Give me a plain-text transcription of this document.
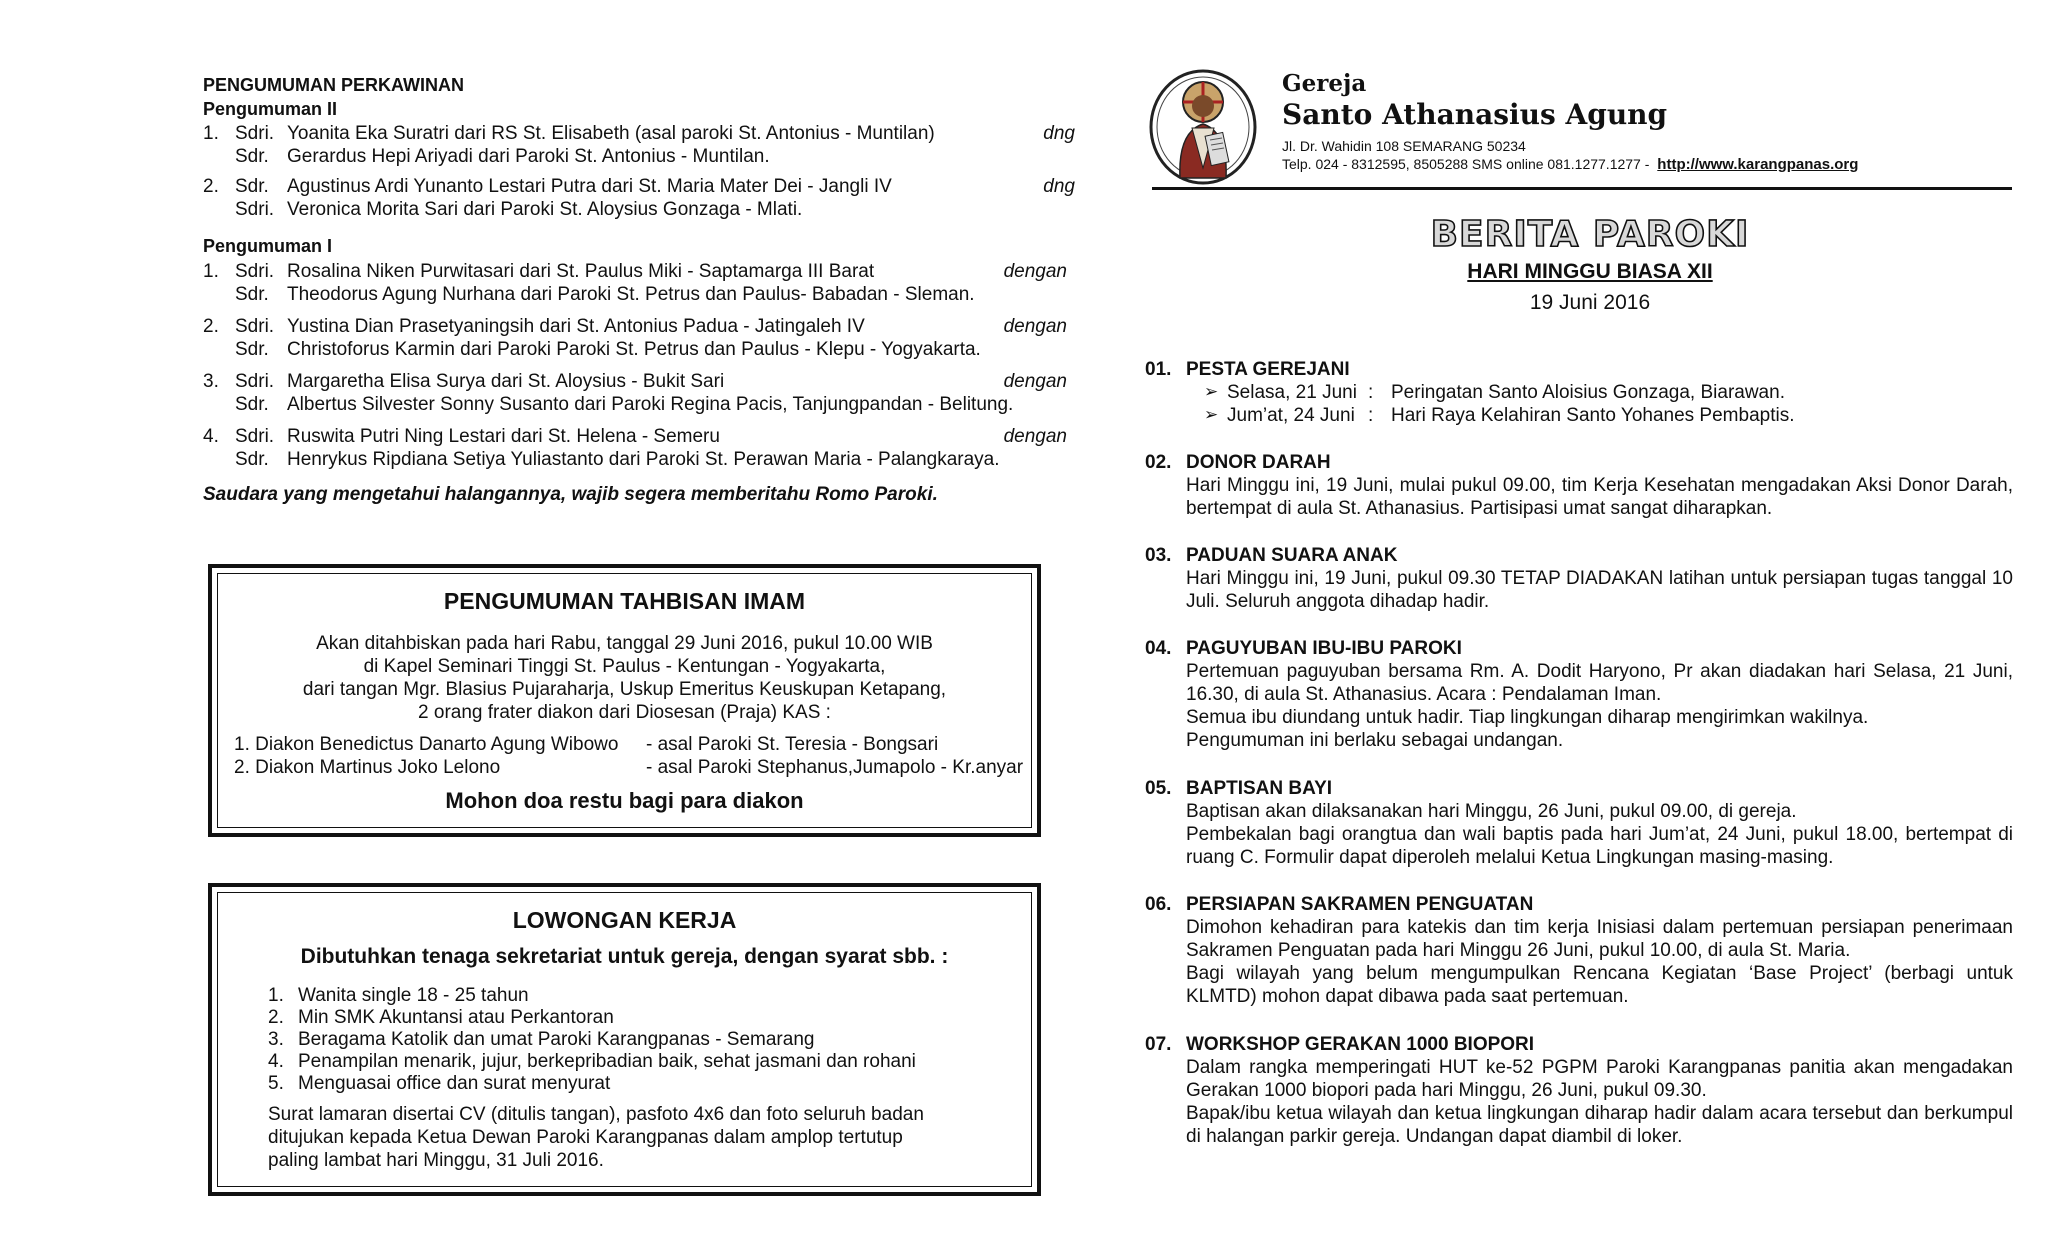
PENGUMUMAN PERKAWINAN
Pengumuman II
1. Sdri. Yoanita Eka Suratri dari RS St. Elisabeth (asal paroki St. Antonius - Muntilan)	dng
Sdr. Gerardus Hepi Ariyadi dari Paroki St. Antonius - Muntilan.
2. Sdr. Agustinus Ardi Yunanto Lestari Putra dari St. Maria Mater Dei - Jangli IV	dng
Sdri. Veronica Morita Sari dari Paroki St. Aloysius Gonzaga - Mlati.
Pengumuman I
1. Sdri. Rosalina Niken Purwitasari dari St. Paulus Miki - Saptamarga III Barat	dengan
Sdr. Theodorus Agung Nurhana dari Paroki St. Petrus dan Paulus- Babadan - Sleman.
2. Sdri. Yustina Dian Prasetyaningsih dari St. Antonius Padua - Jatingaleh IV	dengan
Sdr. Christoforus Karmin dari Paroki Paroki St. Petrus dan Paulus - Klepu - Yogyakarta.
3. Sdri. Margaretha Elisa Surya dari St. Aloysius - Bukit Sari	dengan
Sdr. Albertus Silvester Sonny Susanto dari Paroki Regina Pacis, Tanjungpandan - Belitung.
4. Sdri. Ruswita Putri Ning Lestari dari St. Helena - Semeru	dengan
Sdr. Henrykus Ripdiana Setiya Yuliastanto dari Paroki St. Perawan Maria - Palangkaraya.
Saudara yang mengetahui halangannya, wajib segera memberitahu Romo Paroki.
PENGUMUMAN TAHBISAN IMAM
Akan ditahbiskan pada hari Rabu, tanggal 29 Juni 2016, pukul 10.00 WIB
di Kapel Seminari Tinggi St. Paulus - Kentungan - Yogyakarta,
dari tangan Mgr. Blasius Pujaraharja, Uskup Emeritus Keuskupan Ketapang,
2 orang frater diakon dari Diosesan (Praja) KAS :
1. Diakon Benedictus Danarto Agung Wibowo - asal Paroki St. Teresia - Bongsari
2. Diakon Martinus Joko Lelono	- asal Paroki Stephanus,Jumapolo - Kr.anyar
Mohon doa restu bagi para diakon
LOWONGAN KERJA
Dibutuhkan tenaga sekretariat untuk gereja, dengan syarat sbb. :
1. Wanita single 18 - 25 tahun
2. Min SMK Akuntansi atau Perkantoran
3. Beragama Katolik dan umat Paroki Karangpanas - Semarang
4. Penampilan menarik, jujur, berkepribadian baik, sehat jasmani dan rohani
5. Menguasai office dan surat menyurat
Surat lamaran disertai CV (ditulis tangan), pasfoto 4x6 dan foto seluruh badan
ditujukan kepada Ketua Dewan Paroki Karangpanas dalam amplop tertutup
paling lambat hari Minggu, 31 Juli 2016.
Gereja
Santo Athanasius Agung
Jl. Dr. Wahidin 108 SEMARANG 50234
Telp. 024 - 8312595, 8505288 SMS online 081.1277.1277 - http://www.karangpanas.org
BERITA PAROKI
HARI MINGGU BIASA XII
19 Juni 2016
01. PESTA GEREJANI
➢ Selasa, 21 Juni : Peringatan Santo Aloisius Gonzaga, Biarawan.
➢ Jum’at, 24 Juni : Hari Raya Kelahiran Santo Yohanes Pembaptis.
02. DONOR DARAH

Hari Minggu ini, 19 Juni, mulai pukul 09.00, tim Kerja Kesehatan mengadakan Aksi Donor Darah, bertempat di aula St. Athanasius. Partisipasi umat sangat diharapkan.

03. PADUAN SUARA ANAK

Hari Minggu ini, 19 Juni, pukul 09.30 TETAP DIADAKAN latihan untuk persiapan tugas tanggal 10 Juli. Seluruh anggota dihadap hadir.

04. PAGUYUBAN IBU-IBU PAROKI

Pertemuan paguyuban bersama Rm. A. Dodit Haryono, Pr akan diadakan hari Selasa, 21 Juni, 16.30, di aula St. Athanasius. Acara : Pendalaman Iman.

Semua ibu diundang untuk hadir. Tiap lingkungan diharap mengirimkan wakilnya.

Pengumuman ini berlaku sebagai undangan.

05. BAPTISAN BAYI

Baptisan akan dilaksanakan hari Minggu, 26 Juni, pukul 09.00, di gereja.

Pembekalan bagi orangtua dan wali baptis pada hari Jum’at, 24 Juni, pukul 18.00, bertempat di ruang C. Formulir dapat diperoleh melalui Ketua Lingkungan masing-masing.

06. PERSIAPAN SAKRAMEN PENGUATAN

Dimohon kehadiran para katekis dan tim kerja Inisiasi dalam pertemuan persiapan penerimaan Sakramen Penguatan pada hari Minggu 26 Juni, pukul 10.00, di aula St. Maria.

Bagi wilayah yang belum mengumpulkan Rencana Kegiatan ‘Base Project’ (berbagi untuk KLMTD) mohon dapat dibawa pada saat pertemuan.

07. WORKSHOP GERAKAN 1000 BIOPORI

Dalam rangka memperingati HUT ke-52 PGPM Paroki Karangpanas panitia akan mengadakan Gerakan 1000 biopori pada hari Minggu, 26 Juni, pukul 09.30.

Bapak/ibu ketua wilayah dan ketua lingkungan diharap hadir dalam acara tersebut dan berkumpul di halangan parkir gereja. Undangan dapat diambil di loker.
